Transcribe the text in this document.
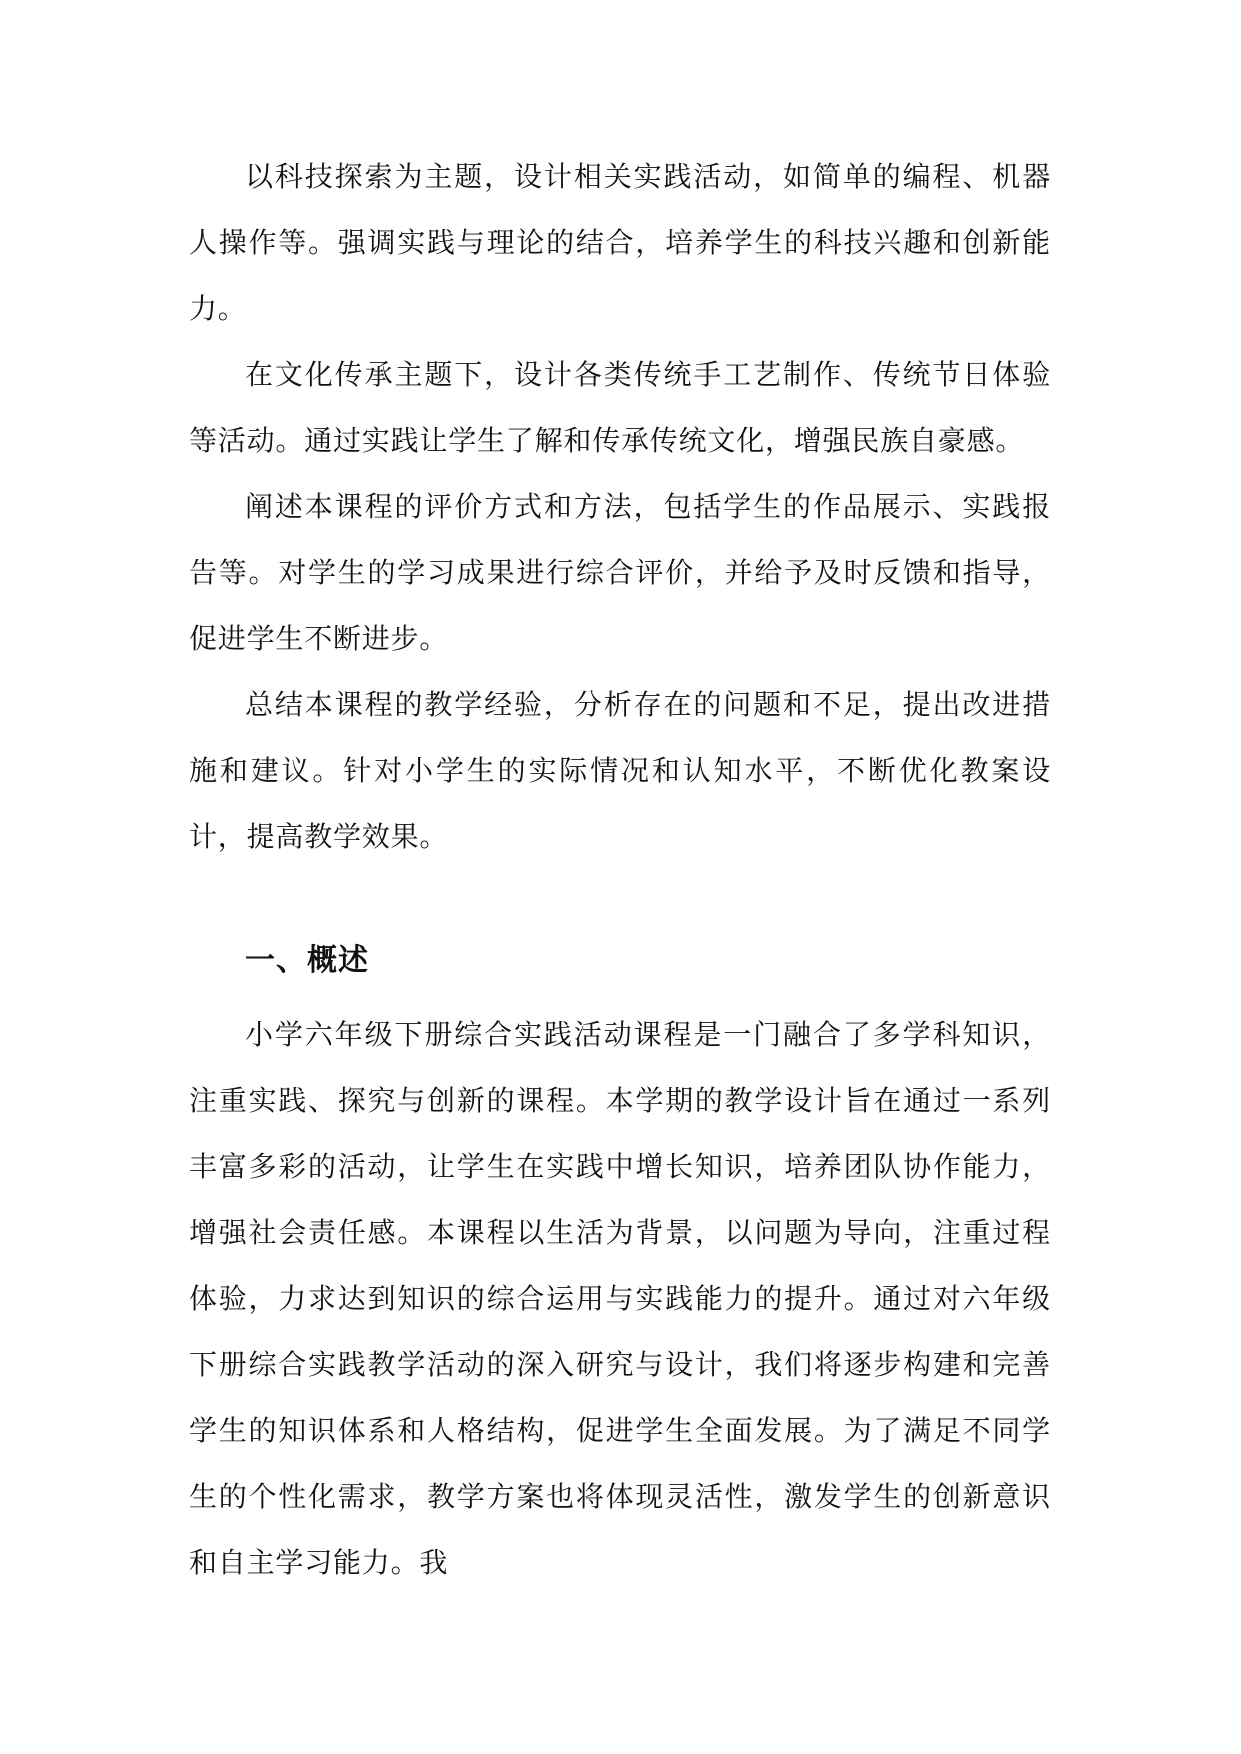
以科技探索为主题，设计相关实践活动，如简单的编程、机器人操作等。强调实践与理论的结合，培养学生的科技兴趣和创新能力。

在文化传承主题下，设计各类传统手工艺制作、传统节日体验等活动。通过实践让学生了解和传承传统文化，增强民族自豪感。

阐述本课程的评价方式和方法，包括学生的作品展示、实践报告等。对学生的学习成果进行综合评价，并给予及时反馈和指导，促进学生不断进步。

总结本课程的教学经验，分析存在的问题和不足，提出改进措施和建议。针对小学生的实际情况和认知水平，不断优化教案设计，提高教学效果。

一、概述

小学六年级下册综合实践活动课程是一门融合了多学科知识，注重实践、探究与创新的课程。本学期的教学设计旨在通过一系列丰富多彩的活动，让学生在实践中增长知识，培养团队协作能力，增强社会责任感。本课程以生活为背景，以问题为导向，注重过程体验，力求达到知识的综合运用与实践能力的提升。通过对六年级下册综合实践教学活动的深入研究与设计，我们将逐步构建和完善学生的知识体系和人格结构，促进学生全面发展。为了满足不同学生的个性化需求，教学方案也将体现灵活性，激发学生的创新意识和自主学习能力。我
